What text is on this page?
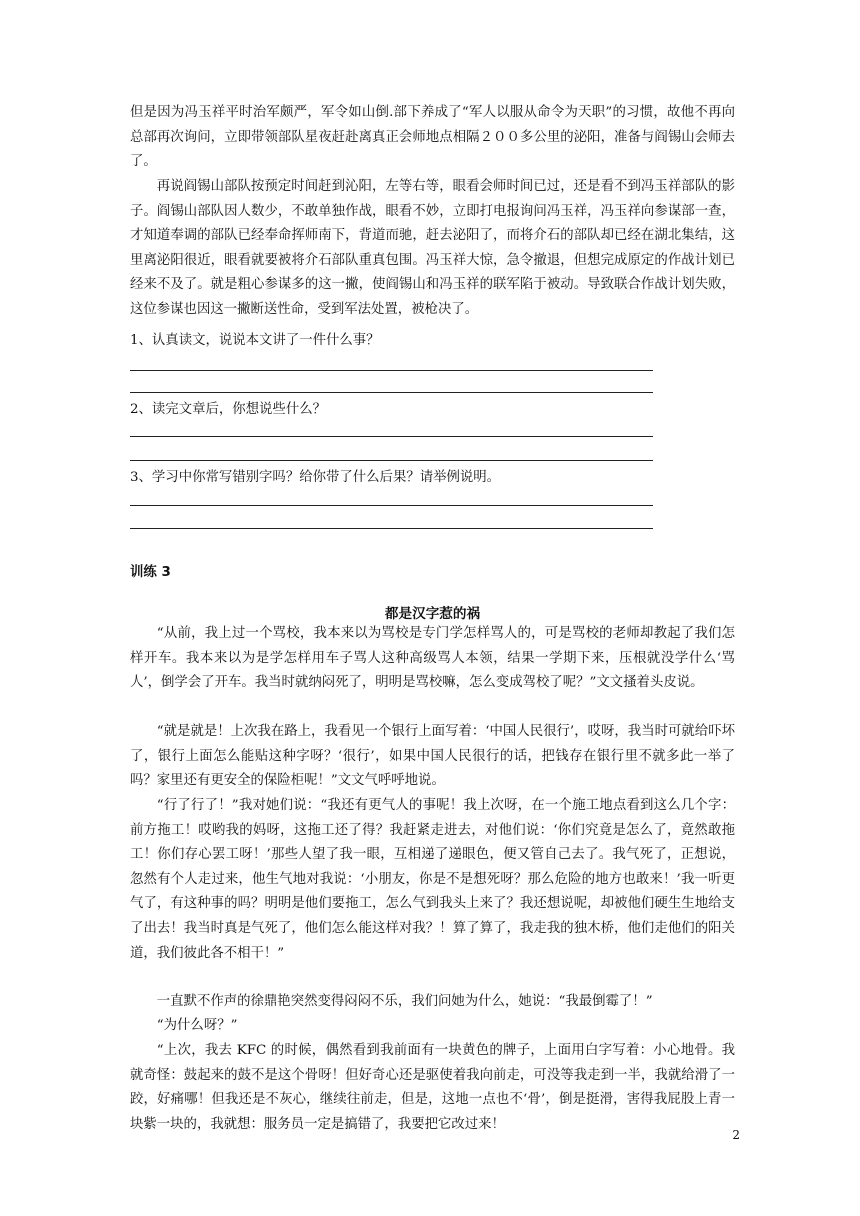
但是因为冯玉祥平时治军颇严，军令如山倒.部下养成了“军人以服从命令为天职”的习惯，故他不再向总部再次询问，立即带领部队星夜赶赴离真正会师地点相隔２００多公里的泌阳，准备与阎锡山会师去了。
再说阎锡山部队按预定时间赶到沁阳，左等右等，眼看会师时间已过，还是看不到冯玉祥部队的影子。阎锡山部队因人数少，不敢单独作战，眼看不妙，立即打电报询问冯玉祥，冯玉祥向参谋部一查，才知道奉调的部队已经奉命挥师南下，背道而驰，赶去泌阳了，而将介石的部队却已经在湖北集结，这里离泌阳很近，眼看就要被将介石部队重真包围。冯玉祥大惊，急令撤退，但想完成原定的作战计划已经来不及了。就是粗心参谋多的这一撇，使阎锡山和冯玉祥的联军陷于被动。导致联合作战计划失败，这位参谋也因这一撇断送性命，受到军法处置，被枪决了。
1、认真读文，说说本文讲了一件什么事？
2、读完文章后，你想说些什么？
3、学习中你常写错别字吗？给你带了什么后果？请举例说明。
训练 3
都是汉字惹的祸
“从前，我上过一个骂校，我本来以为骂校是专门学怎样骂人的，可是骂校的老师却教起了我们怎样开车。我本来以为是学怎样用车子骂人这种高级骂人本领，结果一学期下来，压根就没学什么‘骂人’，倒学会了开车。我当时就纳闷死了，明明是骂校嘛，怎么变成驾校了呢？”文文搔着头皮说。
“就是就是！上次我在路上，我看见一个银行上面写着：‘中国人民很行’，哎呀，我当时可就给吓坏了，银行上面怎么能贴这种字呀？‘很行’，如果中国人民很行的话，把钱存在银行里不就多此一举了吗？家里还有更安全的保险柜呢！”文文气呼呼地说。
“行了行了！”我对她们说：“我还有更气人的事呢！我上次呀，在一个施工地点看到这么几个字：前方拖工！哎哟我的妈呀，这拖工还了得？我赶紧走进去，对他们说：‘你们究竟是怎么了，竟然敢拖工！你们存心罢工呀！’那些人望了我一眼，互相递了递眼色，便又管自己去了。我气死了，正想说，忽然有个人走过来，他生气地对我说：‘小朋友，你是不是想死呀？那么危险的地方也敢来！’我一听更气了，有这种事的吗？明明是他们要拖工，怎么气到我头上来了？我还想说呢，却被他们硬生生地给支了出去！我当时真是气死了，他们怎么能这样对我？！算了算了，我走我的独木桥，他们走他们的阳关道，我们彼此各不相干！”
一直默不作声的徐鼎艳突然变得闷闷不乐，我们问她为什么，她说：“我最倒霉了！”
“为什么呀？”
“上次，我去 KFC 的时候，偶然看到我前面有一块黄色的牌子，上面用白字写着：小心地骨。我就奇怪：鼓起来的鼓不是这个骨呀！但好奇心还是驱使着我向前走，可没等我走到一半，我就给滑了一跤，好痛哪！但我还是不灰心，继续往前走，但是，这地一点也不‘骨’，倒是挺滑，害得我屁股上青一块紫一块的，我就想：服务员一定是搞错了，我要把它改过来！
2
